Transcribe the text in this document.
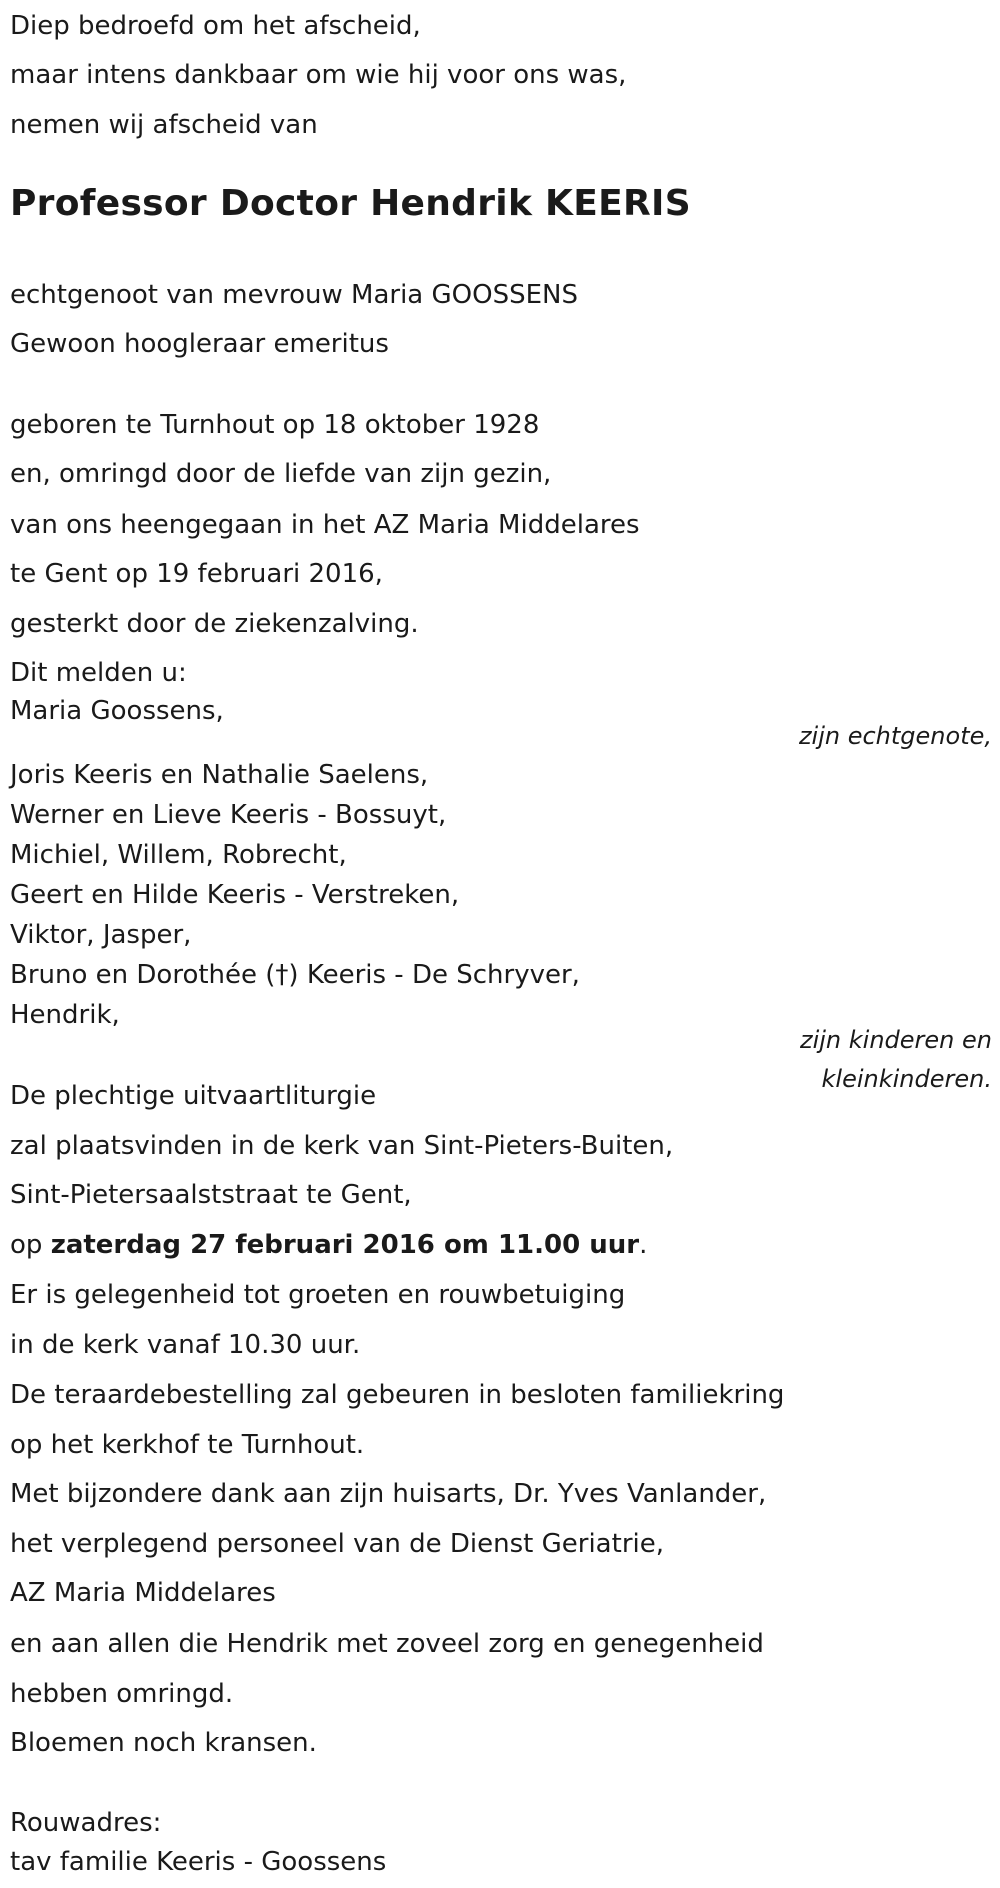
Diep bedroefd om het afscheid,
maar intens dankbaar om wie hij voor ons was,
nemen wij afscheid van
Professor Doctor Hendrik KEERIS
echtgenoot van mevrouw Maria GOOSSENS
Gewoon hoogleraar emeritus
geboren te Turnhout op 18 oktober 1928
en, omringd door de liefde van zijn gezin,
van ons heengegaan in het AZ Maria Middelares
te Gent op 19 februari 2016,
gesterkt door de ziekenzalving.
Dit melden u:
Maria Goossens,
zijn echtgenote,
Joris Keeris en Nathalie Saelens,
Werner en Lieve Keeris - Bossuyt,
Michiel, Willem, Robrecht,
Geert en Hilde Keeris - Verstreken,
Viktor, Jasper,
Bruno en Dorothée (†) Keeris - De Schryver,
Hendrik,
zijn kinderen en
kleinkinderen.
De plechtige uitvaartliturgie
zal plaatsvinden in de kerk van Sint-Pieters-Buiten,
Sint-Pietersaalststraat te Gent,
op zaterdag 27 februari 2016 om 11.00 uur.
Er is gelegenheid tot groeten en rouwbetuiging
in de kerk vanaf 10.30 uur.
De teraardebestelling zal gebeuren in besloten familiekring
op het kerkhof te Turnhout.
Met bijzondere dank aan zijn huisarts, Dr. Yves Vanlander,
het verplegend personeel van de Dienst Geriatrie,
AZ Maria Middelares
en aan allen die Hendrik met zoveel zorg en genegenheid
hebben omringd.
Bloemen noch kransen.
Rouwadres:
tav familie Keeris - Goossens
